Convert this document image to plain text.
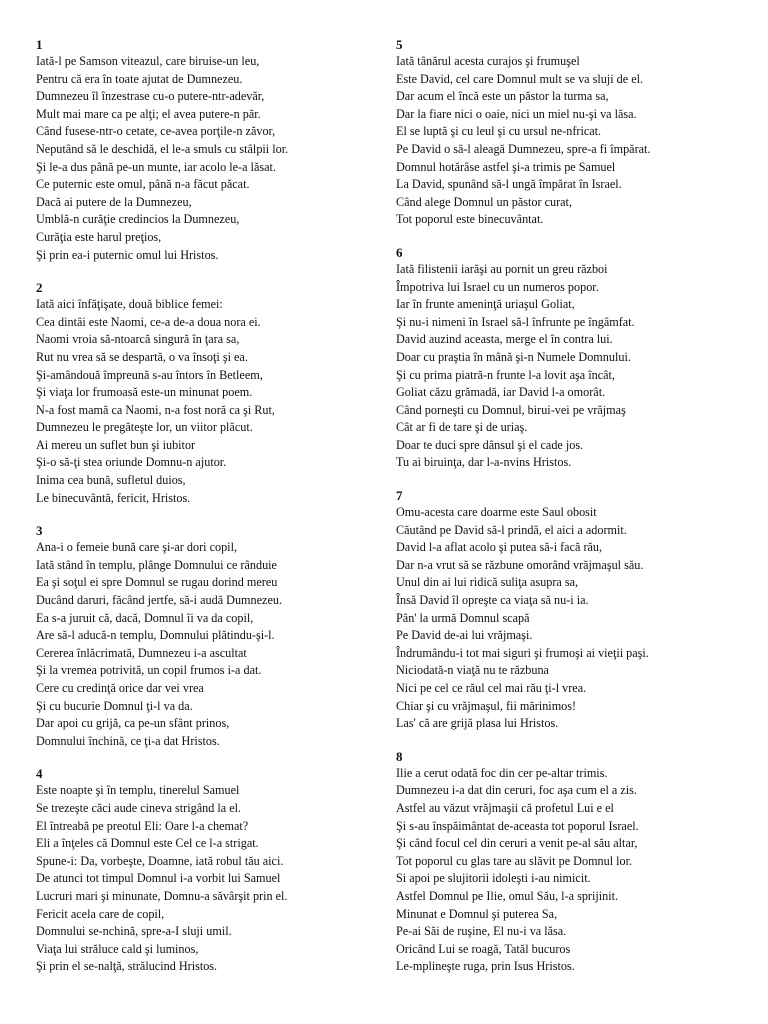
1
Iată-l pe Samson viteazul, care biruise-un leu,
Pentru că era în toate ajutat de Dumnezeu.
Dumnezeu îl înzestrase cu-o putere-ntr-adevăr,
Mult mai mare ca pe alţi; el avea putere-n păr.
Când fusese-ntr-o cetate, ce-avea porţile-n zăvor,
Neputând să le deschidă, el le-a smuls cu stâlpii lor.
Şi le-a dus până pe-un munte, iar acolo le-a lăsat.
Ce puternic este omul, până n-a făcut păcat.
Dacă ai putere de la Dumnezeu,
Umblă-n curăţie credincios la Dumnezeu,
Curăţia este harul preţios,
Şi prin ea-i puternic omul lui Hristos.
2
Iată aici înfăţişate, două biblice femei:
Cea dintâi este Naomi, ce-a de-a doua nora ei.
Naomi vroia să-ntoarcă singură în ţara sa,
Rut nu vrea să se despartă, o va însoţi şi ea.
Şi-amândouă împreună s-au întors în Betleem,
Şi viaţa lor frumoasă este-un minunat poem.
N-a fost mamă ca Naomi, n-a fost noră ca şi Rut,
Dumnezeu le pregăteşte lor, un viitor plăcut.
Ai mereu un suflet bun şi iubitor
Şi-o să-ţi stea oriunde Domnu-n ajutor.
Inima cea bună, sufletul duios,
Le binecuvântă, fericit, Hristos.
3
Ana-i o femeie bună care şi-ar dori copil,
Iată stând în templu, plânge Domnului ce rânduie
Ea şi soţul ei spre Domnul se rugau dorind mereu
Ducând daruri, făcând jertfe, să-i audă Dumnezeu.
Ea s-a juruit că, dacă, Domnul îi va da copil,
Are să-l aducă-n templu, Domnului plătindu-şi-l.
Cererea înlăcrimată, Dumnezeu i-a ascultat
Şi la vremea potrivită, un copil frumos i-a dat.
Cere cu credinţă orice dar vei vrea
Şi cu bucurie Domnul ţi-l va da.
Dar apoi cu grijă, ca pe-un sfânt prinos,
Domnului închină, ce ţi-a dat Hristos.
4
Este noapte şi în templu, tinerelul Samuel
Se trezeşte căci aude cineva strigând la el.
El întreabă pe preotul Eli: Oare l-a chemat?
Eli a înţeles că Domnul este Cel ce l-a strigat.
Spune-i: Da, vorbeşte, Doamne, iată robul tău aici.
De atunci tot timpul Domnul i-a vorbit lui Samuel
Lucruri mari şi minunate, Domnu-a săvârşit prin el.
Fericit acela care de copil,
Domnului se-nchină, spre-a-I sluji umil.
Viaţa lui străluce cald şi luminos,
Şi prin el se-nalţă, strălucind Hristos.
5
Iată tânărul acesta curajos şi frumuşel
Este David, cel care Domnul mult se va sluji de el.
Dar acum el încă este un păstor la turma sa,
Dar la fiare nici o oaie, nici un miel nu-şi va lăsa.
El se luptă şi cu leul şi cu ursul ne-nfricat.
Pe David o să-l aleagă Dumnezeu, spre-a fi împărat.
Domnul hotărâse astfel şi-a trimis pe Samuel
La David, spunând să-l ungă împărat în Israel.
Când alege Domnul un păstor curat,
Tot poporul este binecuvântat.
6
Iată filistenii iarăşi au pornit un greu război
Împotriva lui Israel cu un numeros popor.
Iar în frunte ameninţă uriaşul Goliat,
Şi nu-i nimeni în Israel să-l înfrunte pe îngâmfat.
David auzind aceasta, merge el în contra lui.
Doar cu praştia în mână şi-n Numele Domnului.
Şi cu prima piatră-n frunte l-a lovit aşa încât,
Goliat căzu grămadă, iar David l-a omorât.
Când porneşti cu Domnul, birui-vei pe vrăjmaş
Cât ar fi de tare şi de uriaş.
Doar te duci spre dânsul şi el cade jos.
Tu ai biruinţa, dar l-a-nvins Hristos.
7
Omu-acesta care doarme este Saul obosit
Căutând pe David să-l prindă, el aici a adormit.
David l-a aflat acolo şi putea să-i facă rău,
Dar n-a vrut să se răzbune omorând vrăjmaşul său.
Unul din ai lui ridică suliţa asupra sa,
Însă David îl opreşte ca viaţa să nu-i ia.
Pân' la urmă Domnul scapă
Pe David de-ai lui vrăjmaşi.
Îndrumându-i tot mai siguri şi frumoşi ai vieţii paşi.
Niciodată-n viaţă nu te răzbuna
Nici pe cel ce răul cel mai rău ţi-l vrea.
Chiar şi cu vrăjmaşul, fii mărinimos!
Las' că are grijă plasa lui Hristos.
8
Ilie a cerut odată foc din cer pe-altar trimis.
Dumnezeu i-a dat din ceruri, foc aşa cum el a zis.
Astfel au văzut vrăjmaşii că profetul Lui e el
Şi s-au înspăimântat de-aceasta tot poporul Israel.
Şi când focul cel din ceruri a venit pe-al său altar,
Tot poporul cu glas tare au slăvit pe Domnul lor.
Si apoi pe slujitorii idoleşti i-au nimicit.
Astfel Domnul pe Ilie, omul Său, l-a sprijinit.
Minunat e Domnul şi puterea Sa,
Pe-ai Săi de ruşine, El nu-i va lăsa.
Oricând Lui se roagă, Tatăl bucuros
Le-mplineşte ruga, prin Isus Hristos.
